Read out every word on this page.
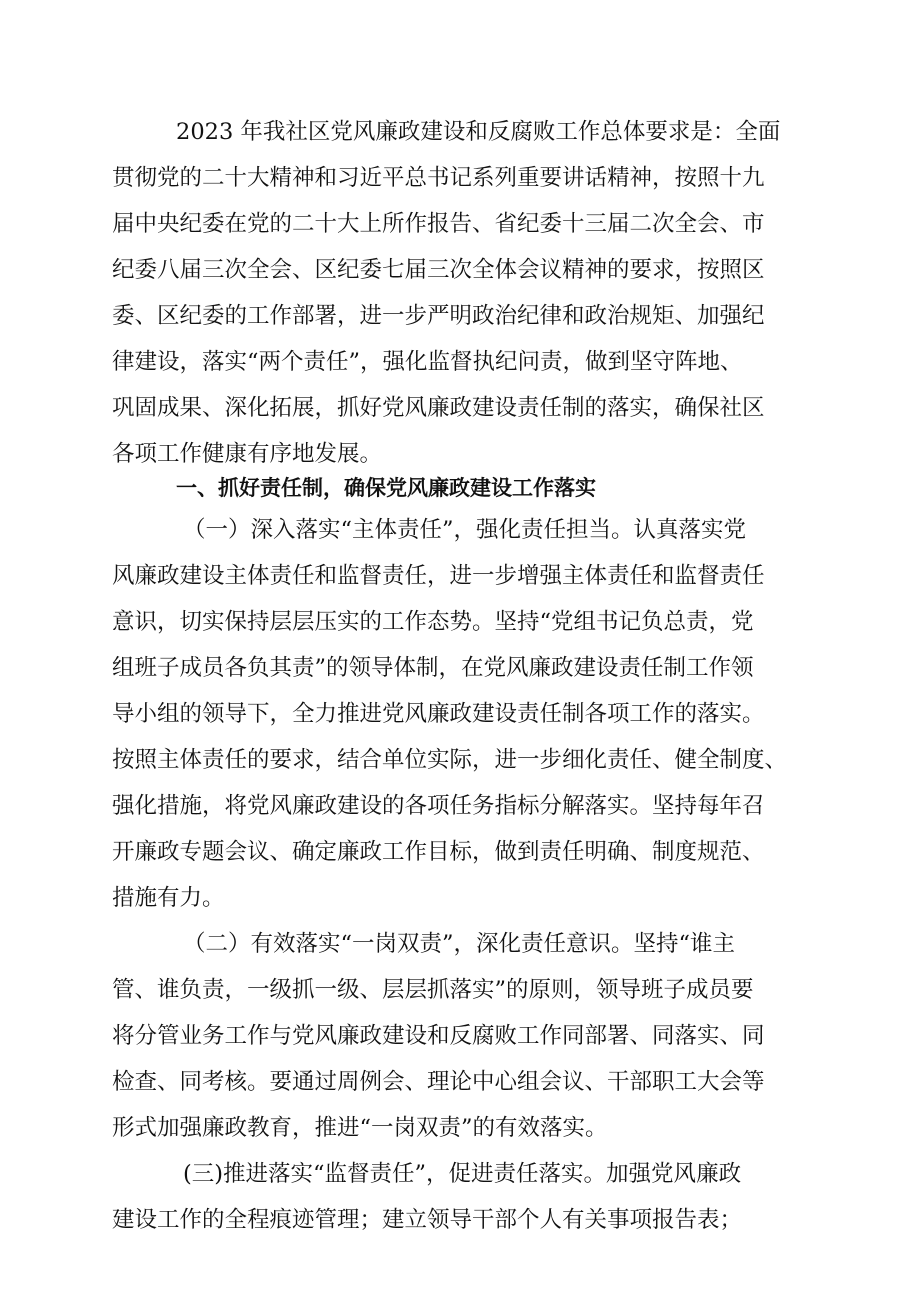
2023 年我社区党风廉政建设和反腐败工作总体要求是：全面
贯彻党的二十大精神和习近平总书记系列重要讲话精神，按照十九
届中央纪委在党的二十大上所作报告、省纪委十三届二次全会、市
纪委八届三次全会、区纪委七届三次全体会议精神的要求，按照区
委、区纪委的工作部署，进一步严明政治纪律和政治规矩、加强纪
律建设，落实“两个责任”，强化监督执纪问责，做到坚守阵地、
巩固成果、深化拓展，抓好党风廉政建设责任制的落实，确保社区
各项工作健康有序地发展。
一、抓好责任制，确保党风廉政建设工作落实
（一）深入落实“主体责任”，强化责任担当。认真落实党
风廉政建设主体责任和监督责任，进一步增强主体责任和监督责任
意识，切实保持层层压实的工作态势。坚持“党组书记负总责，党
组班子成员各负其责”的领导体制，在党风廉政建设责任制工作领
导小组的领导下，全力推进党风廉政建设责任制各项工作的落实。
按照主体责任的要求，结合单位实际，进一步细化责任、健全制度、
强化措施，将党风廉政建设的各项任务指标分解落实。坚持每年召
开廉政专题会议、确定廉政工作目标，做到责任明确、制度规范、
措施有力。
（二）有效落实“一岗双责”，深化责任意识。坚持“谁主
管、谁负责，一级抓一级、层层抓落实”的原则，领导班子成员要
将分管业务工作与党风廉政建设和反腐败工作同部署、同落实、同
检查、同考核。要通过周例会、理论中心组会议、干部职工大会等
形式加强廉政教育，推进“一岗双责”的有效落实。
(三)推进落实“监督责任”，促进责任落实。加强党风廉政
建设工作的全程痕迹管理；建立领导干部个人有关事项报告表；
